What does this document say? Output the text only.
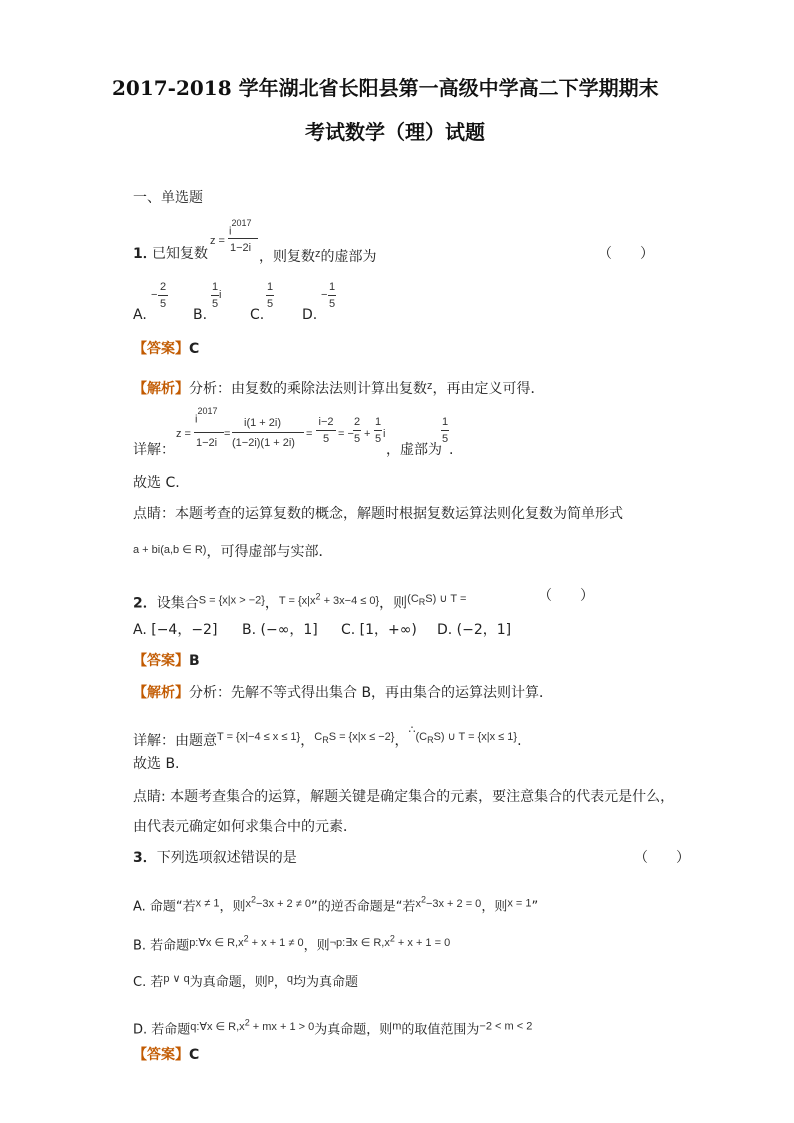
2017-2018 学年湖北省长阳县第一高级中学高二下学期期末
考试数学（理）试题
一、单选题
1．
已知复数
z =
$i^{2017}$
1−2i
，则复数$^z$的虚部为	（　　）
A.
−
2
5
B.
1
5
i
C.
1
5
D.
−
1
5
【答案】C
【解析】分析：由复数的乘除法法则计算出复数$^z$，再由定义可得．
详解：
z =
$i^{2017}$
1−2i
=
i(1 + 2i)
(1−2i)(1 + 2i)
=
i−2
5 = −
2
5 +
1
5 i
，虚部为
1
5
.
故选 C.
点睛：本题考查的运算复数的概念，解题时根据复数运算法则化复数为简单形式
$^{a + bi(a,b \in R)}$，可得虚部与实部．
2．设集合$^{S = \{x|x > -2\}}$，$^{T = \{x|x^2 + 3x-4 \le 0\}}$，则$^{(C_RS) \cup T =}$	（　　）
A. [−4，−2] B. (−∞，1] C. [1，+∞) D. (−2，1]
【答案】B
【解析】分析：先解不等式得出集合 B，再由集合的运算法则计算．
详解：由题意$^{T = \{x|-4 \le x \le 1\}}$，$^{C_RS = \{x|x \le -2\}}$，$^{\therefore(C_RS) \cup T = \{x|x \le 1\}}$.
故选 B.
点睛: 本题考查集合的运算，解题关键是确定集合的元素，要注意集合的代表元是什么，
由代表元确定如何求集合中的元素．
3．下列选项叙述错误的是	（　　）
A. 命题“若$^{x \ne 1}$，则$^{x^2-3x + 2 \ne 0}$”的逆否命题是“若$^{x^2-3x + 2 = 0}$，则$^{x = 1}$”
B. 若命题$^{p:\forall x \in R,x^2 + x + 1 \ne 0}$，则$^{\neg p:\exists x \in R,x^2 + x + 1 = 0}$
C. 若$^{p \vee q}$为真命题，则$^p$，$^q$均为真命题
D. 若命题$^{q:\forall x \in R,x^2 + mx + 1 > 0}$为真命题，则$^m$的取值范围为$^{-2 < m < 2}$
【答案】C
